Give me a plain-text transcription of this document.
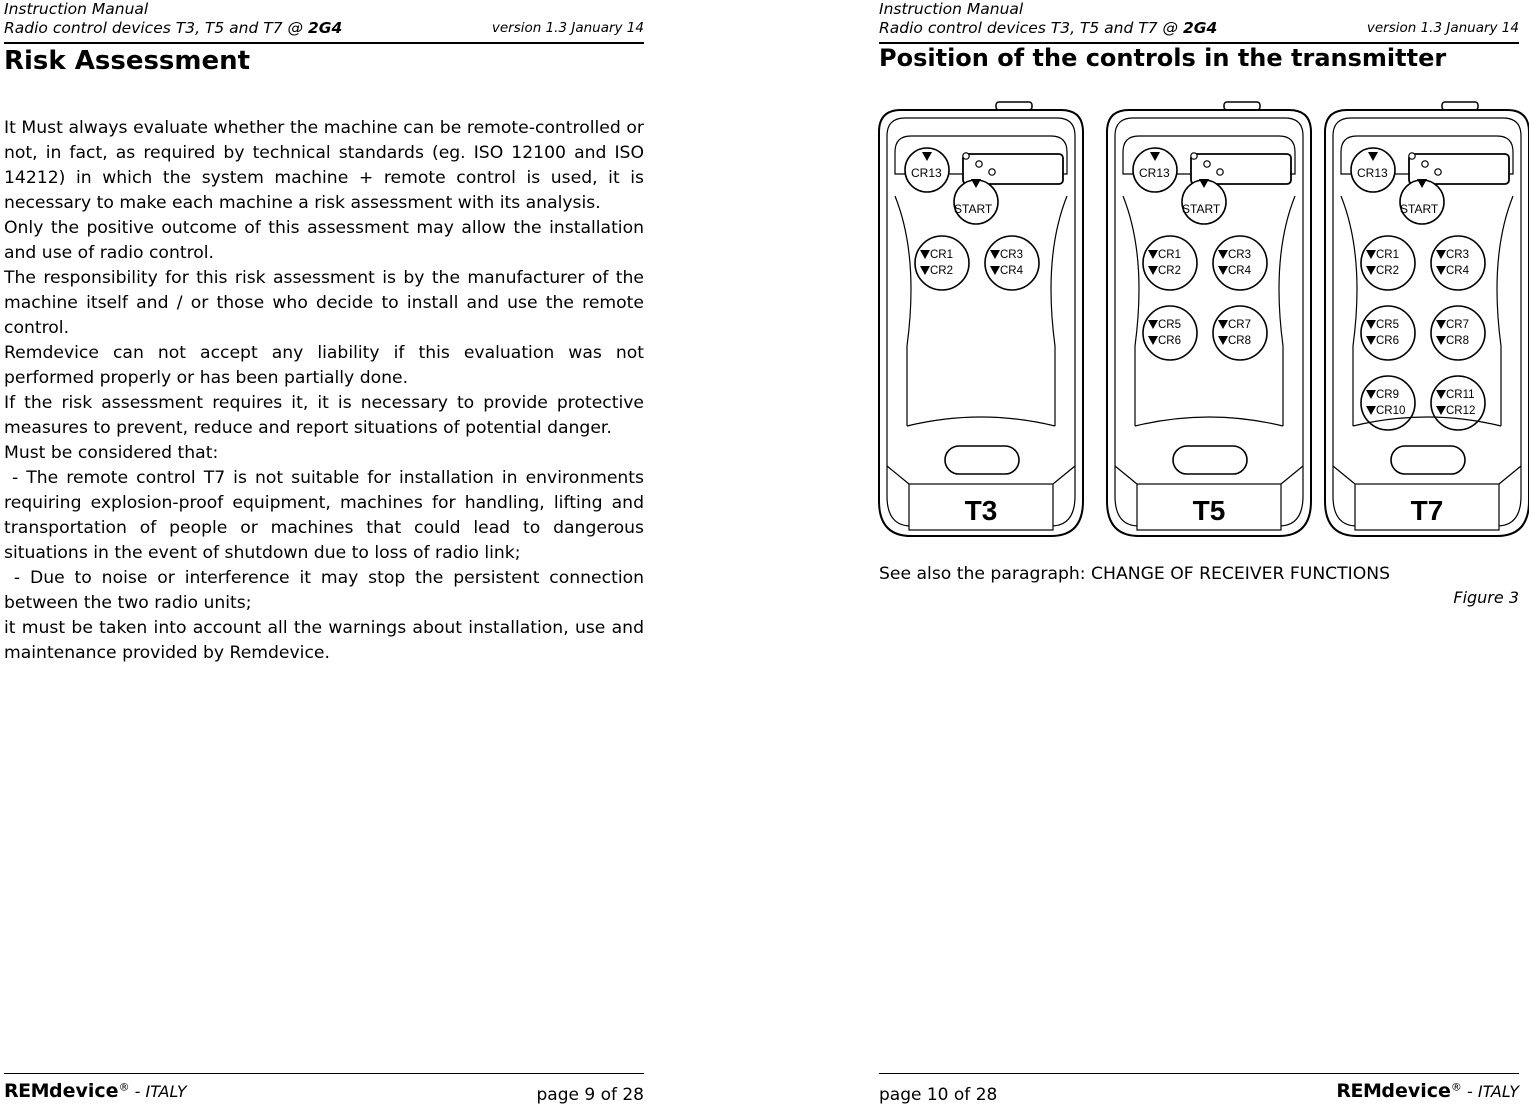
Instruction Manual
Radio control devices T3, T5 and T7 @ 2G4	version 1.3 January 14
Risk Assessment

It Must always evaluate whether the machine can be remote-controlled or not, in fact, as required by technical standards (eg. ISO 12100 and ISO 14212) in which the system machine + remote control is used, it is necessary to make each machine a risk assessment with its analysis.

Only the positive outcome of this assessment may allow the installation and use of radio control.

The responsibility for this risk assessment is by the manufacturer of the machine itself and / or those who decide to install and use the remote control.

Remdevice can not accept any liability if this evaluation was not performed properly or has been partially done.

If the risk assessment requires it, it is necessary to provide protective measures to prevent, reduce and report situations of potential danger.

Must be considered that:

- The remote control T7 is not suitable for installation in environments requiring explosion-proof equipment, machines for handling, lifting and transportation of people or machines that could lead to dangerous situations in the event of shutdown due to loss of radio link;

- Due to noise or interference it may stop the persistent connection between the two radio units;

it must be taken into account all the warnings about installation, use and maintenance provided by Remdevice.

REMdevice® - ITALY	page 9 of 28
Instruction Manual
Radio control devices T3, T5 and T7 @ 2G4	version 1.3 January 14
Position of the controls in the transmitter
CR13
START
CR1
CR2
CR3
CR4
T3
CR13
START
CR1
CR2
CR3
CR4
CR5
CR6
CR7
CR8
T5
CR13
START
CR1
CR2
CR3
CR4
CR5
CR6
CR7
CR8
CR9
CR10
CR11
CR12
T7
See also the paragraph: CHANGE OF RECEIVER FUNCTIONS
Figure 3
page 10 of 28	REMdevice® - ITALY
